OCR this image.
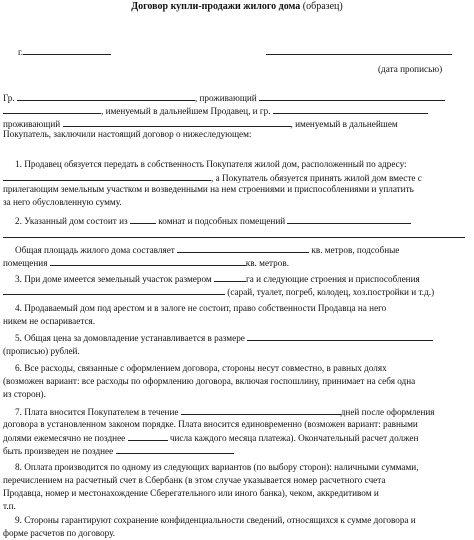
Договор купли-продажи жилого дома (образец)
г.
(дата прописью)
Гр.	, проживающий
, именуемый в дальнейшем Продавец, и гр.
проживающий	, именуемый в дальнейшем
Покупатель, заключили настоящий договор о нижеследующем:
1. Продавец обязуется передать в собственность Покупателя жилой дом, расположенный по адресу:
, а Покупатель обязуется принять жилой дом вместе с
прилегающим земельным участком и возведенными на нем строениями и приспособлениями и уплатить
за него обусловленную сумму.
2. Указанный дом состоит из	комнат и подсобных помещений
Общая площадь жилого дома составляет	кв. метров, подсобные
помещения	кв. метров.
3. При доме имеется земельный участок размером	га и следующие строения и приспособления
(сарай, туалет, погреб, колодец, хоз.постройки и т.д.)
4. Продаваемый дом под арестом и в залоге не состоит, право собственности Продавца на него
никем не оспаривается.
5. Общая цена за домовладение устанавливается в размере
(прописью) рублей.
6. Все расходы, связанные с оформлением договора, стороны несут совместно, в равных долях
(возможен вариант: все расходы по оформлению договора, включая госпошлину, принимает на себя одна
из сторон).
7. Плата вносится Покупателем в течение	дней после оформления
договора в установленном законом порядке. Плата вносится единовременно (возможен вариант: равными
долями ежемесячно не позднее	числа каждого месяца платежа). Окончательный расчет должен
быть произведен не позднее
8. Оплата производится по одному из следующих вариантов (по выбору сторон): наличными суммами,
перечислением на расчетный счет в Сбербанк (в этом случае указывается номер расчетного счета
Продавца, номер и местонахождение Сберегательного или иного банка), чеком, аккредитивом и
т.п.
9. Стороны гарантируют сохранение конфиденциальности сведений, относящихся к сумме договора и
форме расчетов по договору.
